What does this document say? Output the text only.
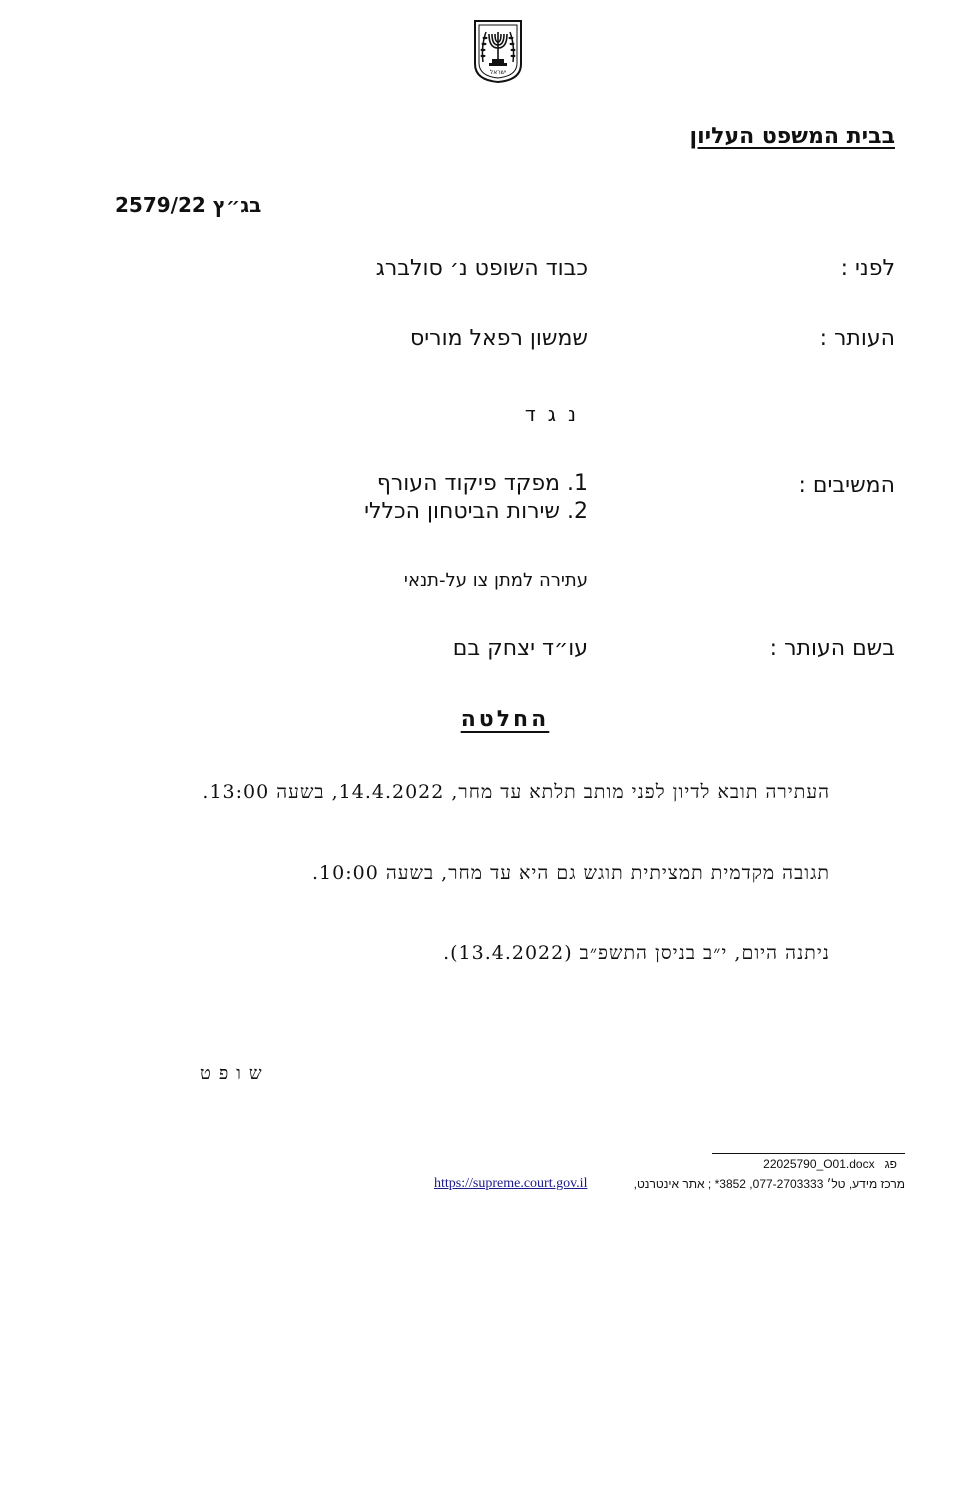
ישראל
בבית המשפט העליון
בג״ץ 2579/22
לפני :
כבוד השופט נ׳ סולברג
העותר :
שמשון רפאל מוריס
נגד
המשיבים :
1. מפקד פיקוד העורף
2. שירות הביטחון הכללי
עתירה למתן צו על-תנאי
בשם העותר :
עו״ד יצחק בם
החלטה
העתירה תובא לדיון לפני מותב תלתא עד מחר, 14.4.2022, בשעה 13:00.
תגובה מקדמית תמציתית תוגש גם היא עד מחר, בשעה 10:00.
ניתנה היום, י״ב בניסן התשפ״ב (13.4.2022).
שופט
22025790_O01.docx פג
מרכז מידע, טל׳ 077-2703333, 3852* ; אתר אינטרנט,
https://supreme.court.gov.il
